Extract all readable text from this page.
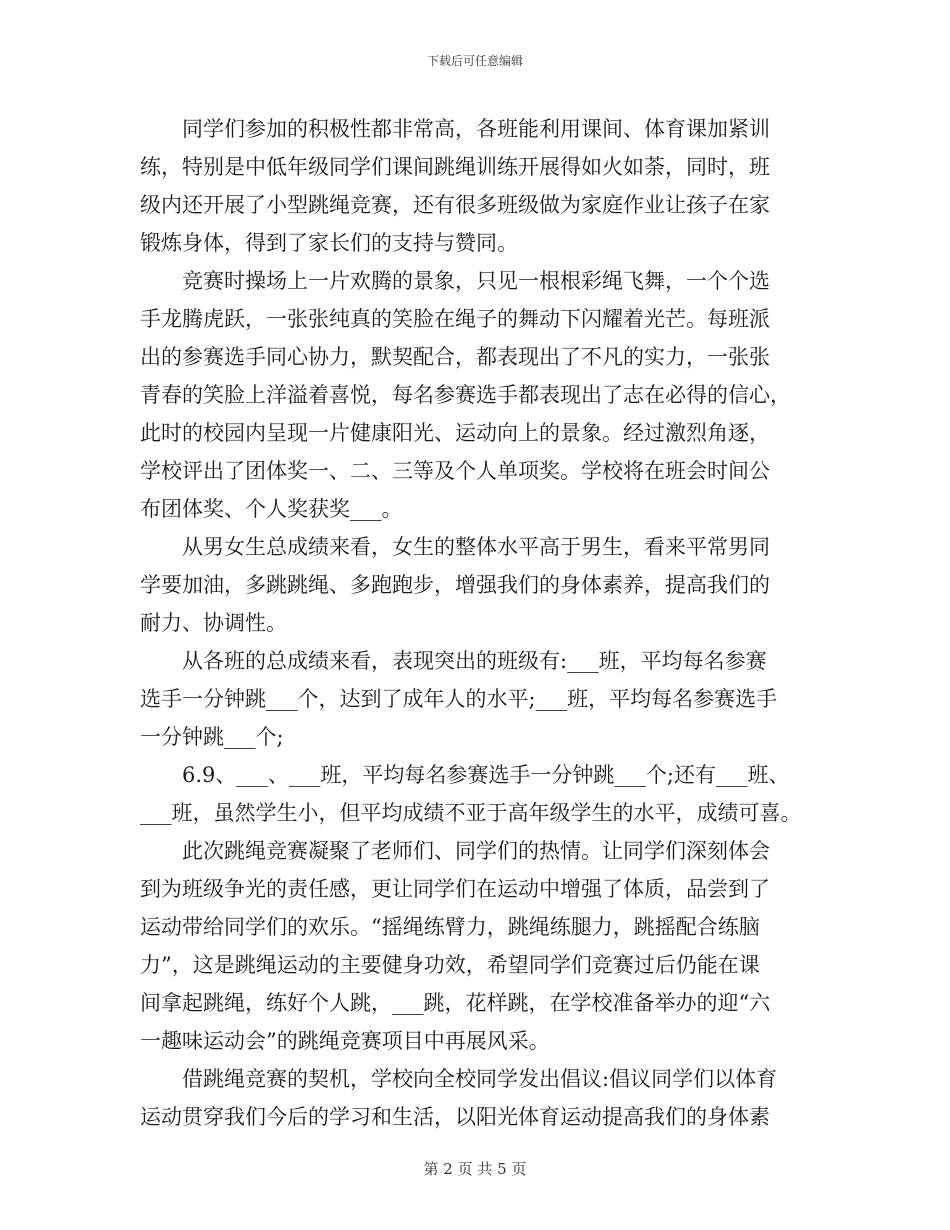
下载后可任意编辑
　　同学们参加的积极性都非常高，各班能利用课间、体育课加紧训
练，特别是中低年级同学们课间跳绳训练开展得如火如荼，同时，班
级内还开展了小型跳绳竞赛，还有很多班级做为家庭作业让孩子在家
锻炼身体，得到了家长们的支持与赞同。
　　竞赛时操场上一片欢腾的景象，只见一根根彩绳飞舞，一个个选
手龙腾虎跃，一张张纯真的笑脸在绳子的舞动下闪耀着光芒。每班派
出的参赛选手同心协力，默契配合，都表现出了不凡的实力，一张张
青春的笑脸上洋溢着喜悦，每名参赛选手都表现出了志在必得的信心，
此时的校园内呈现一片健康阳光、运动向上的景象。经过激烈角逐，
学校评出了团体奖一、二、三等及个人单项奖。学校将在班会时间公
布团体奖、个人奖获奖___。
　　从男女生总成绩来看，女生的整体水平高于男生，看来平常男同
学要加油，多跳跳绳、多跑跑步，增强我们的身体素养，提高我们的
耐力、协调性。
　　从各班的总成绩来看，表现突出的班级有:___班，平均每名参赛
选手一分钟跳___个，达到了成年人的水平;___班，平均每名参赛选手
一分钟跳___个;
　　6.9、___、___班，平均每名参赛选手一分钟跳___个;还有___班、
___班，虽然学生小，但平均成绩不亚于高年级学生的水平，成绩可喜。
　　此次跳绳竞赛凝聚了老师们、同学们的热情。让同学们深刻体会
到为班级争光的责任感，更让同学们在运动中增强了体质，品尝到了
运动带给同学们的欢乐。“摇绳练臂力，跳绳练腿力，跳摇配合练脑
力”，这是跳绳运动的主要健身功效，希望同学们竞赛过后仍能在课
间拿起跳绳，练好个人跳，___跳，花样跳，在学校准备举办的迎“六
一趣味运动会”的跳绳竞赛项目中再展风采。
　　借跳绳竞赛的契机，学校向全校同学发出倡议:倡议同学们以体育
运动贯穿我们今后的学习和生活，以阳光体育运动提高我们的身体素
第 2 页 共 5 页
